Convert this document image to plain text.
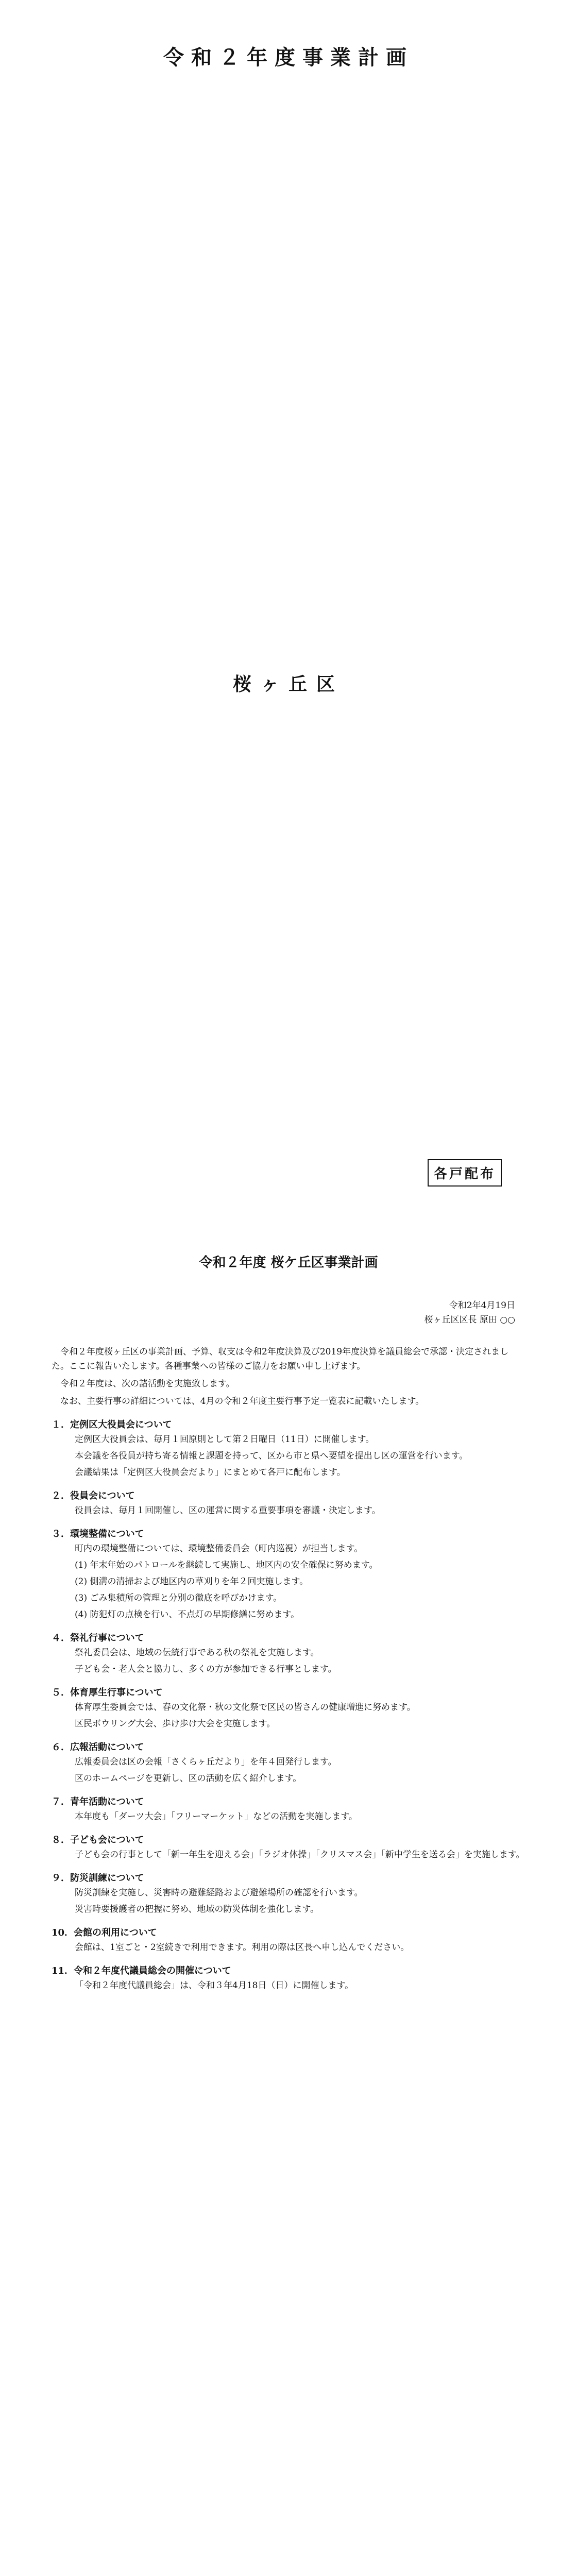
令和２年度事業計画
桜ヶ丘区
各戸配布
令和２年度 桜ケ丘区事業計画
令和2年4月19日
桜ヶ丘区区長 原田 ○○

令和２年度桜ヶ丘区の事業計画、予算、収支は令和2年度決算及び2019年度決算を議員総会で承認・決定されました。ここに報告いたします。各種事業への皆様のご協力をお願い申し上げます。

令和２年度は、次の諸活動を実施致します。

なお、主要行事の詳細については、4月の令和２年度主要行事予定一覧表に記載いたします。

１．定例区大役員会について

定例区大役員会は、毎月１回原則として第２日曜日（11日）に開催します。

本会議を各役員が持ち寄る情報と課題を持って、区から市と県へ要望を提出し区の運営を行います。

会議結果は「定例区大役員会だより」にまとめて各戸に配布します。

２．役員会について

役員会は、毎月１回開催し、区の運営に関する重要事項を審議・決定します。

３．環境整備について

町内の環境整備については、環境整備委員会（町内巡視）が担当します。

(1) 年末年始のパトロールを継続して実施し、地区内の安全確保に努めます。

(2) 側溝の清掃および地区内の草刈りを年２回実施します。

(3) ごみ集積所の管理と分別の徹底を呼びかけます。

(4) 防犯灯の点検を行い、不点灯の早期修繕に努めます。

４．祭礼行事について

祭礼委員会は、地域の伝統行事である秋の祭礼を実施します。

子ども会・老人会と協力し、多くの方が参加できる行事とします。

５．体育厚生行事について

体育厚生委員会では、春の文化祭・秋の文化祭で区民の皆さんの健康増進に努めます。

区民ボウリング大会、歩け歩け大会を実施します。

６．広報活動について

広報委員会は区の会報「さくらヶ丘だより」を年４回発行します。

区のホームページを更新し、区の活動を広く紹介します。

７．青年活動について

本年度も「ダーツ大会」「フリーマーケット」などの活動を実施します。

８．子ども会について

子ども会の行事として「新一年生を迎える会」「ラジオ体操」「クリスマス会」「新中学生を送る会」を実施します。

９．防災訓練について

防災訓練を実施し、災害時の避難経路および避難場所の確認を行います。

災害時要援護者の把握に努め、地域の防災体制を強化します。

10．会館の利用について

会館は、1室ごと・2室続きで利用できます。利用の際は区長へ申し込んでください。

11．令和２年度代議員総会の開催について

「令和２年度代議員総会」は、令和３年4月18日（日）に開催します。
